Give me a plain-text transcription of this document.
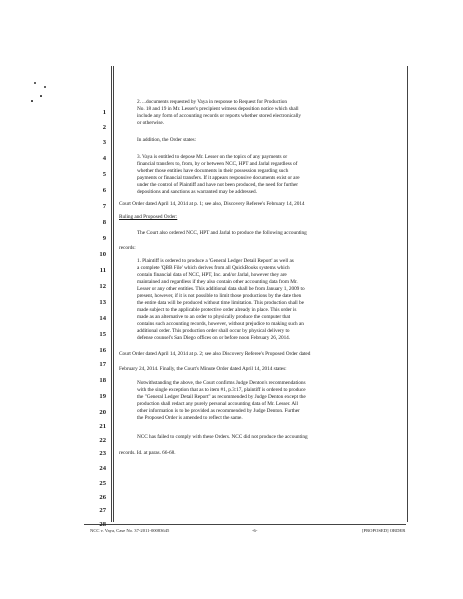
1
2
3
4
5
6
7
8
9
10
11
12
13
14
15
16
17
18
19
20
21
22
23
24
25
26
27
28
2. ...documents requested by Vaya in response to Request for Production
No. 18 and 19 in Mr. Lesser's precipient witness deposition notice which shall
include any form of accounting records or reports whether stored electronically
or otherwise.
In addition, the Order states:
3. Vaya is entitled to depose Mr. Lesser on the topics of any payments or
financial transfers to, from, by or between NCC, HPT and Jarlal regardless of
whether those entities have documents in their possession regarding such
payments or financial transfers. If it appears responsive documents exist or are
under the control of Plaintiff and have not been produced, the need for further
depositions and sanctions as warranted may be addressed.
Court Order dated April 14, 2014 at p. 1; see also, Discovery Referee's February 14, 2014
Ruling and Proposed Order:
The Court also ordered NCC, HPT and Jarlal to produce the following accounting
records:
1. Plaintiff is ordered to produce a 'General Ledger Detail Report' as well as
a complete 'QBB File' which derives from all QuickBooks systems which
contain financial data of NCC, HPT, Inc. and/or Jarlal, however they are
maintained and regardless if they also contain other accounting data from Mr.
Lesser or any other entities. This additional data shall be from January 1, 2009 to
present, however, if it is not possible to limit those productions by the date then
the entire data will be produced without time limitation. This production shall be
made subject to the applicable protective order already in place. This order is
made as an alternative to an order to physically produce the computer that
contains such accounting records, however, without prejudice to making such an
additional order. This production order shall occur by physical delivery to
defense counsel's San Diego offices on or before noon February 26, 2014.
Court Order dated April 14, 2014 at p. 2; see also Discovery Referee's Proposed Order dated
February 24, 2014. Finally, the Court's Minute Order dated April 14, 2014 states:
Notwithstanding the above, the Court confirms Judge Denton's recommendations
with the single exception that as to item #1, p.3:17, plaintiff is ordered to produce
the "General Ledger Detail Report" as recommended by Judge Denton except the
production shall redact any purely personal accounting data of Mr. Lesser. All
other information is to be provided as recommended by Judge Denton. Further
the Proposed Order is amended to reflect the same.
NCC has failed to comply with these Orders. NCC did not produce the accounting
records. Id. at paras. 66-68.
NCC v. Vaya, Case No. 37-2011-00083645	-6-	[PROPOSED] ORDER
